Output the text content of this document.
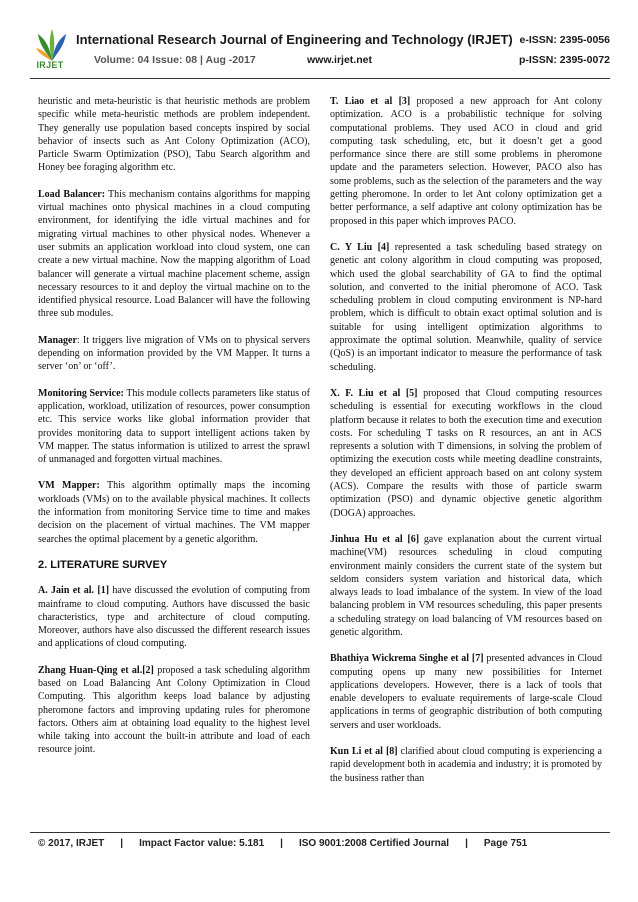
IRJET
International Research Journal of Engineering and Technology (IRJET) e-ISSN: 2395-0056
Volume: 04 Issue: 08 | Aug -2017	www.irjet.net	p-ISSN: 2395-0072

heuristic and meta-heuristic is that heuristic methods are problem specific while meta-heuristic methods are problem independent. They generally use population based concepts inspired by social behavior of insects such as Ant Colony Optimization (ACO), Particle Swarm Optimization (PSO), Tabu Search algorithm and Honey bee foraging algorithm etc.

Load Balancer: This mechanism contains algorithms for mapping virtual machines onto physical machines in a cloud computing environment, for identifying the idle virtual machines and for migrating virtual machines to other physical nodes. Whenever a user submits an application workload into cloud system, one can create a new virtual machine. Now the mapping algorithm of Load balancer will generate a virtual machine placement scheme, assign necessary resources to it and deploy the virtual machine on to the identified physical resource. Load Balancer will have the following three sub modules.

Manager: It triggers live migration of VMs on to physical servers depending on information provided by the VM Mapper. It turns a server ‘on’ or ‘off’.

Monitoring Service: This module collects parameters like status of application, workload, utilization of resources, power consumption etc. This service works like global information provider that provides monitoring data to support intelligent actions taken by VM mapper. The status information is utilized to arrest the sprawl of unmanaged and forgotten virtual machines.

VM Mapper: This algorithm optimally maps the incoming workloads (VMs) on to the available physical machines. It collects the information from monitoring Service time to time and makes decision on the placement of virtual machines. The VM mapper searches the optimal placement by a genetic algorithm.

2. LITERATURE SURVEY

A. Jain et al. [1] have discussed the evolution of computing from mainframe to cloud computing. Authors have discussed the basic characteristics, type and architecture of cloud computing. Moreover, authors have also discussed the different research issues and applications of cloud computing.

Zhang Huan-Qing et al.[2] proposed a task scheduling algorithm based on Load Balancing Ant Colony Optimization in Cloud Computing. This algorithm keeps load balance by adjusting pheromone factors and improving updating rules for pheromone factors. Others aim at obtaining load equality to the highest level while taking into account the built-in attribute and load of each resource joint.

T. Liao et al [3] proposed a new approach for Ant colony optimization. ACO is a probabilistic technique for solving computational problems. They used ACO in cloud and grid computing task scheduling, etc, but it doesn’t get a good performance since there are still some problems in pheromone update and the parameters selection. However, PACO also has some problems, such as the selection of the parameters and the way getting pheromone. In order to let Ant colony optimization get a better performance, a self adaptive ant colony optimization has be proposed in this paper which improves PACO.

C. Y Liu [4] represented a task scheduling based strategy on genetic ant colony algorithm in cloud computing was proposed, which used the global searchability of GA to find the optimal solution, and converted to the initial pheromone of ACO. Task scheduling problem in cloud computing environment is NP-hard problem, which is difficult to obtain exact optimal solution and is suitable for using intelligent optimization algorithms to approximate the optimal solution. Meanwhile, quality of service (QoS) is an important indicator to measure the performance of task scheduling.

X. F. Liu et al [5] proposed that Cloud computing resources scheduling is essential for executing workflows in the cloud platform because it relates to both the execution time and execution costs. For scheduling T tasks on R resources, an ant in ACS represents a solution with T dimensions, in solving the problem of optimizing the execution costs while meeting deadline constraints, they developed an efficient approach based on ant colony system (ACS). Compare the results with those of particle swarm optimization (PSO) and dynamic objective genetic algorithm (DOGA) approaches.

Jinhua Hu et al [6] gave explanation about the current virtual machine(VM) resources scheduling in cloud computing environment mainly considers the current state of the system but seldom considers system variation and historical data, which always leads to load imbalance of the system. In view of the load balancing problem in VM resources scheduling, this paper presents a scheduling strategy on load balancing of VM resources based on genetic algorithm.

Bhathiya Wickrema Singhe et al [7] presented advances in Cloud computing opens up many new possibilities for Internet applications developers. However, there is a lack of tools that enable developers to evaluate requirements of large-scale Cloud applications in terms of geographic distribution of both computing servers and user workloads.

Kun Li et al [8] clarified about cloud computing is experiencing a rapid development both in academia and industry; it is promoted by the business rather than

© 2017, IRJET | Impact Factor value: 5.181 | ISO 9001:2008 Certified Journal | Page 751
